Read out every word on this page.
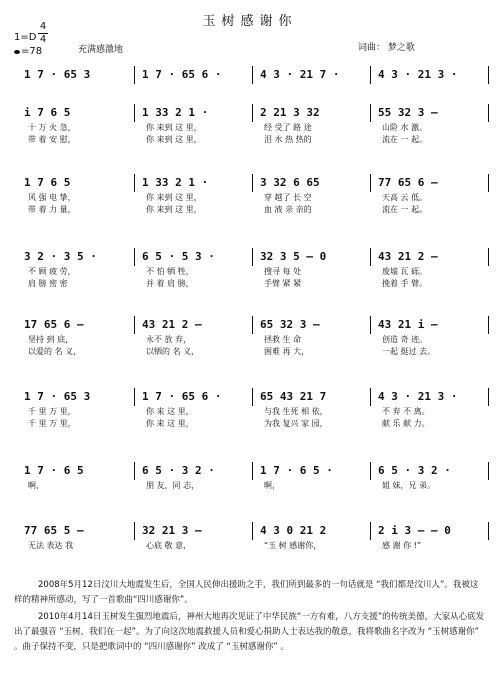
玉树感谢你
1=D
4
4
=78	充满感激地	词曲： 梦之歌
1 7 · 65 3	1 7 · 65 6 ·	4 3 · 21 7 ·	4 3 · 21 3 ·
i 7 6 5	1 33 2 1 ·	2 21 3 32	55 32 3 –
十 万 火 急，	你 来到 这 里，	经 受了 路 途	山险 水 激。
带 着 安 慰，	你 来到 这 里，	泪 水 热 热的	流在 一 起。
1 7 6 5	1 33 2 1 ·	3 32 6 65	77 65 6 –
风 强 电 挚，	你 来到 这 里，	穿 越了 长 空	天高 云 低。
带 着 力 量，	你 来到 这 里，	血 液 亲 亲的	流在 一 起。
3 2 · 3 5 ·	6 5 · 5 3 ·	32 3 5 – 0	43 21 2 –
不 顾 疲 劳，	不 怕 牺 牲，	搜寻 每 处	废墟 瓦 砾。
肩 膀 密 密	并 着 肩 膀，	手臂 紧 紧	挽着 手 臂。
17 65 6 –	43 21 2 –	65 32 3 –	43 21 i –
坚持 到 底，	永不 放 弃，	拯救 生 命	创造 奇 迹。
以爱的 名 义，	以牺的 名 义，	困难 再 大，	一起 挺过 去。
1 7 · 65 3	1 7 · 65 6 ·	65 43 21 7	4 3 · 21 3 ·
千 里 万 里，	你 来 这 里，	与我 生死 相 依，	不 弃 不 离。
千 里 万 里，	你 来 这 里，	为我 复兴 家 园，	献 乐 献 力。
1 7 · 6 5	6 5 · 3 2 ·	1 7 · 6 5 ·	6 5 · 3 2 ·
啊，	朋 友，同 志，	啊，	姐 妹，兄 弟。
77 65 5 –	32 21 3 –	4 3 0 21 2	2 i 3 – – 0
无法 表达 我	心底 敬 意，	“玉 树 感谢你，	感 谢 你 !”

2008年5月12日汶川大地震发生后，全国人民伸出援助之手，我们所到最多的一句话就是 “我们都是汶川人”。我被这样的精神所感动，写了一首歌曲“四川感谢你”。

2010年4月14日玉树发生强烈地震后，神州大地再次见证了中华民族“一方有难，八方支援”的传统美德，大家从心底发出了最强音 “玉树，我们在一起”。为了向这次地震救援人员和爱心捐助人士表达我的敬意，我将歌曲名字改为 “玉树感谢你” 。曲子保持不变，只是把歌词中的 “四川感谢你” 改成了 “玉树感谢你” 。
